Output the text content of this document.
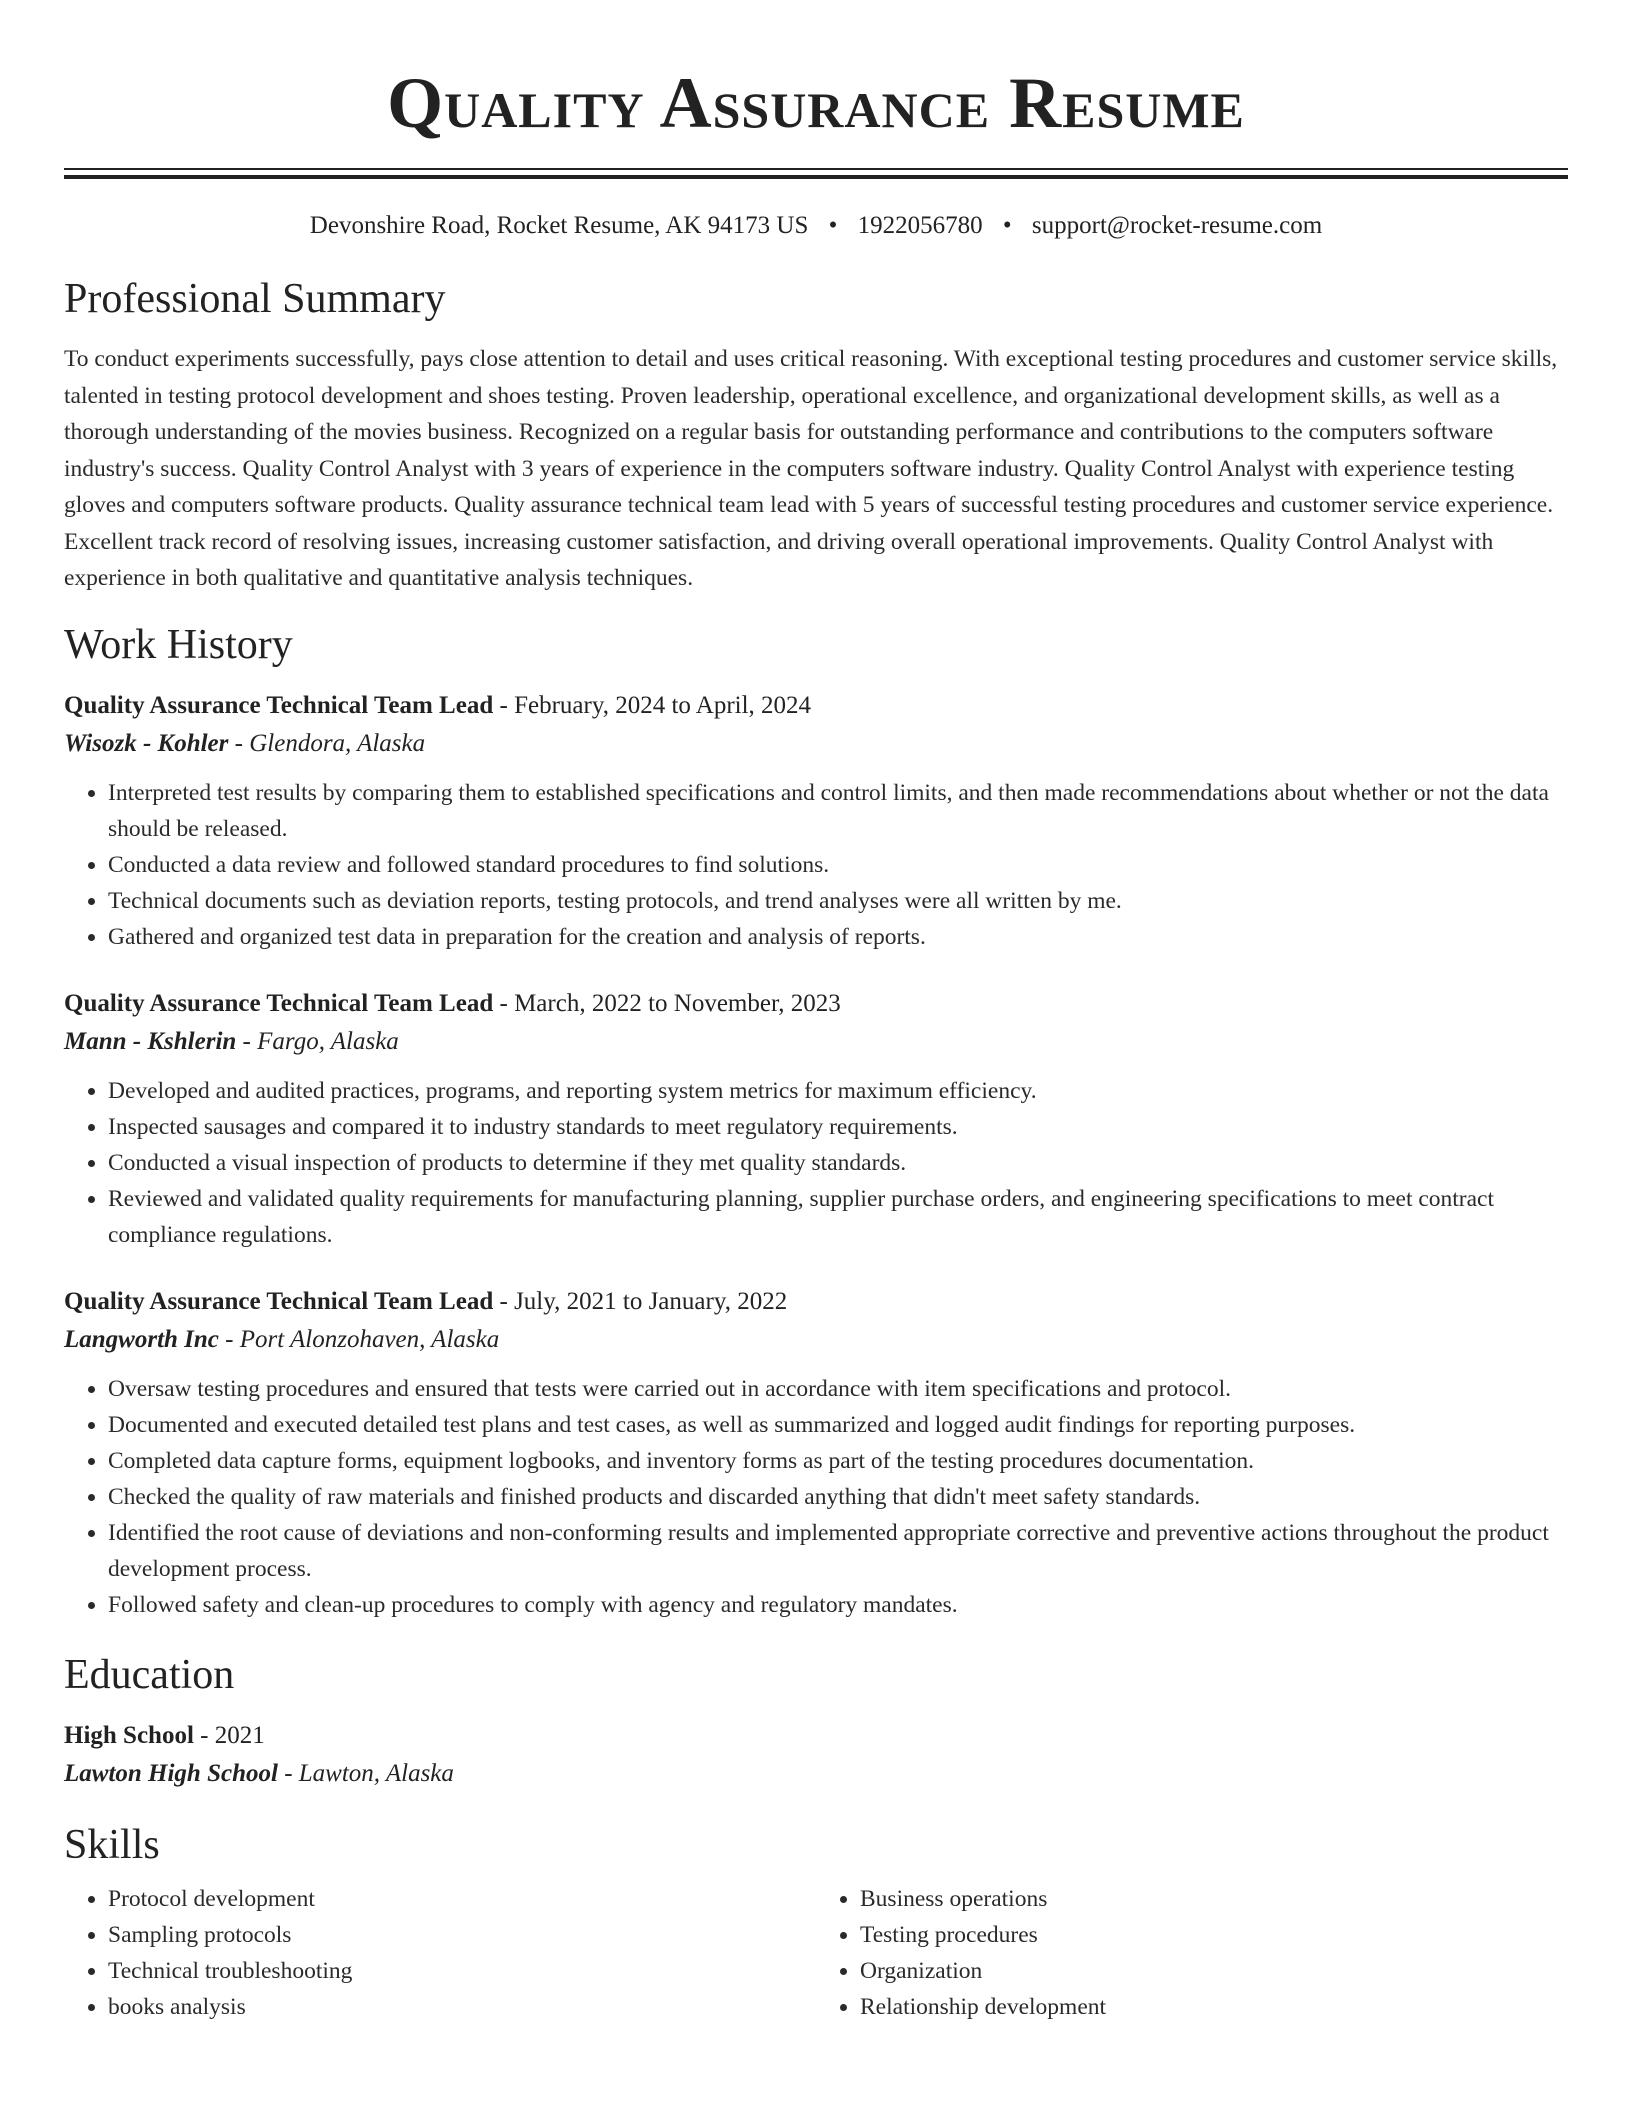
Quality Assurance Resume
Devonshire Road, Rocket Resume, AK 94173 US • 1922056780 • support@rocket-resume.com
Professional Summary
To conduct experiments successfully, pays close attention to detail and uses critical reasoning. With exceptional testing procedures and customer service skills, talented in testing protocol development and shoes testing. Proven leadership, operational excellence, and organizational development skills, as well as a thorough understanding of the movies business. Recognized on a regular basis for outstanding performance and contributions to the computers software industry's success. Quality Control Analyst with 3 years of experience in the computers software industry. Quality Control Analyst with experience testing gloves and computers software products. Quality assurance technical team lead with 5 years of successful testing procedures and customer service experience. Excellent track record of resolving issues, increasing customer satisfaction, and driving overall operational improvements. Quality Control Analyst with experience in both qualitative and quantitative analysis techniques.
Work History
Quality Assurance Technical Team Lead - February, 2024 to April, 2024
Wisozk - Kohler - Glendora, Alaska
• Interpreted test results by comparing them to established specifications and control limits, and then made recommendations about whether or not the data should be released.
• Conducted a data review and followed standard procedures to find solutions.
• Technical documents such as deviation reports, testing protocols, and trend analyses were all written by me.
• Gathered and organized test data in preparation for the creation and analysis of reports.
Quality Assurance Technical Team Lead - March, 2022 to November, 2023
Mann - Kshlerin - Fargo, Alaska
• Developed and audited practices, programs, and reporting system metrics for maximum efficiency.
• Inspected sausages and compared it to industry standards to meet regulatory requirements.
• Conducted a visual inspection of products to determine if they met quality standards.
• Reviewed and validated quality requirements for manufacturing planning, supplier purchase orders, and engineering specifications to meet contract compliance regulations.
Quality Assurance Technical Team Lead - July, 2021 to January, 2022
Langworth Inc - Port Alonzohaven, Alaska
• Oversaw testing procedures and ensured that tests were carried out in accordance with item specifications and protocol.
• Documented and executed detailed test plans and test cases, as well as summarized and logged audit findings for reporting purposes.
• Completed data capture forms, equipment logbooks, and inventory forms as part of the testing procedures documentation.
• Checked the quality of raw materials and finished products and discarded anything that didn't meet safety standards.
• Identified the root cause of deviations and non-conforming results and implemented appropriate corrective and preventive actions throughout the product development process.
• Followed safety and clean-up procedures to comply with agency and regulatory mandates.
Education
High School - 2021
Lawton High School - Lawton, Alaska
Skills
• Protocol development
• Sampling protocols
• Technical troubleshooting
• books analysis
• Business operations
• Testing procedures
• Organization
• Relationship development
